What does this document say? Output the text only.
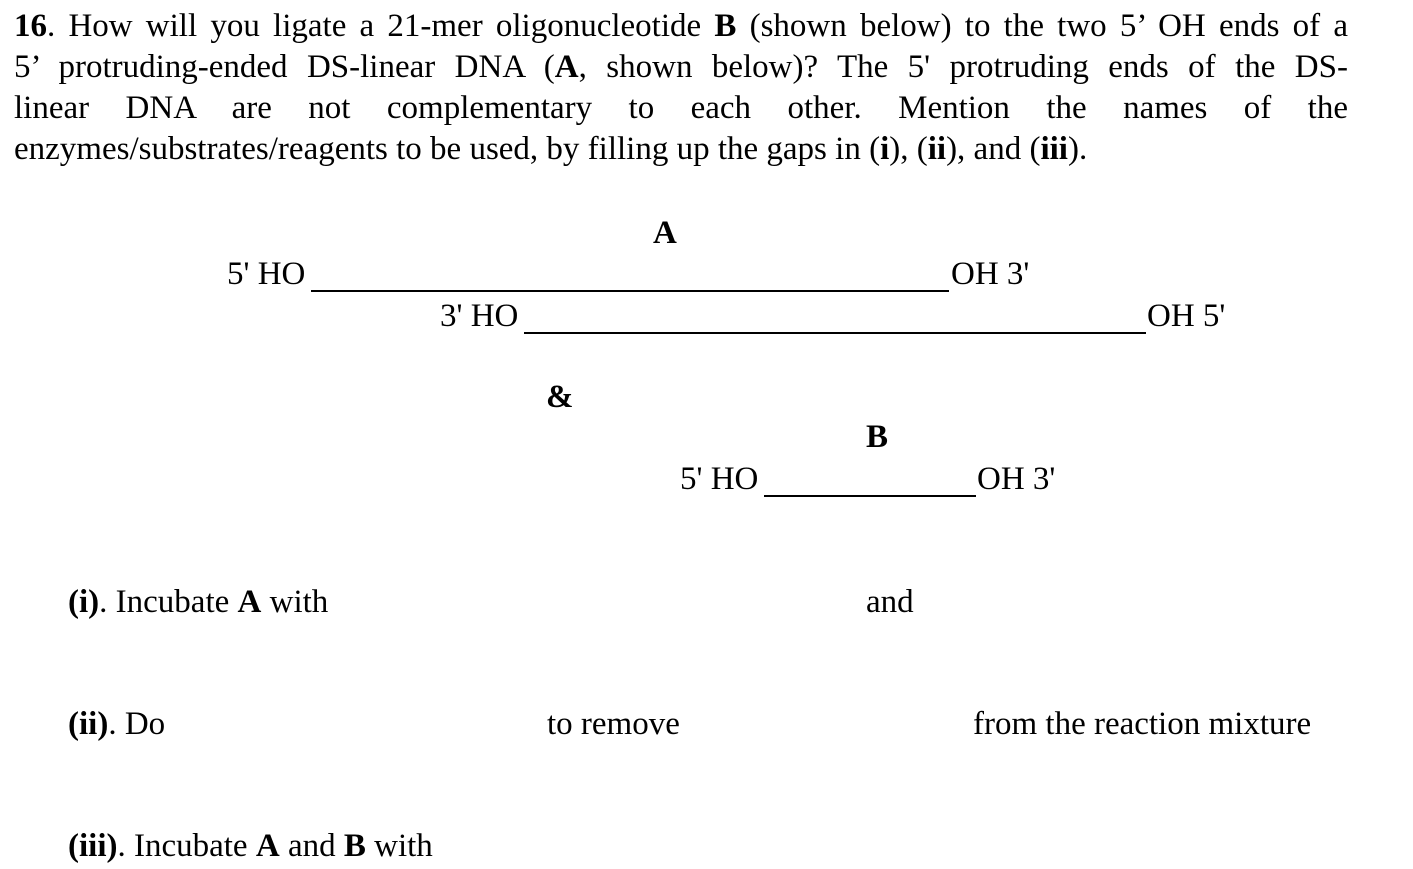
16. How will you ligate a 21-mer oligonucleotide B (shown below) to the two 5’ OH ends of a
5’ protruding-ended DS-linear DNA (A, shown below)? The 5' protruding ends of the DS-
linear DNA are not complementary to each other. Mention the names of the
enzymes/substrates/reagents to be used, by filling up the gaps in (i), (ii), and (iii).
A
5' HO	OH 3'
3' HO	OH 5'
&
B
5' HO	OH 3'
(i). Incubate A with	and
(ii). Do	to remove	from the reaction mixture
(iii). Incubate A and B with
